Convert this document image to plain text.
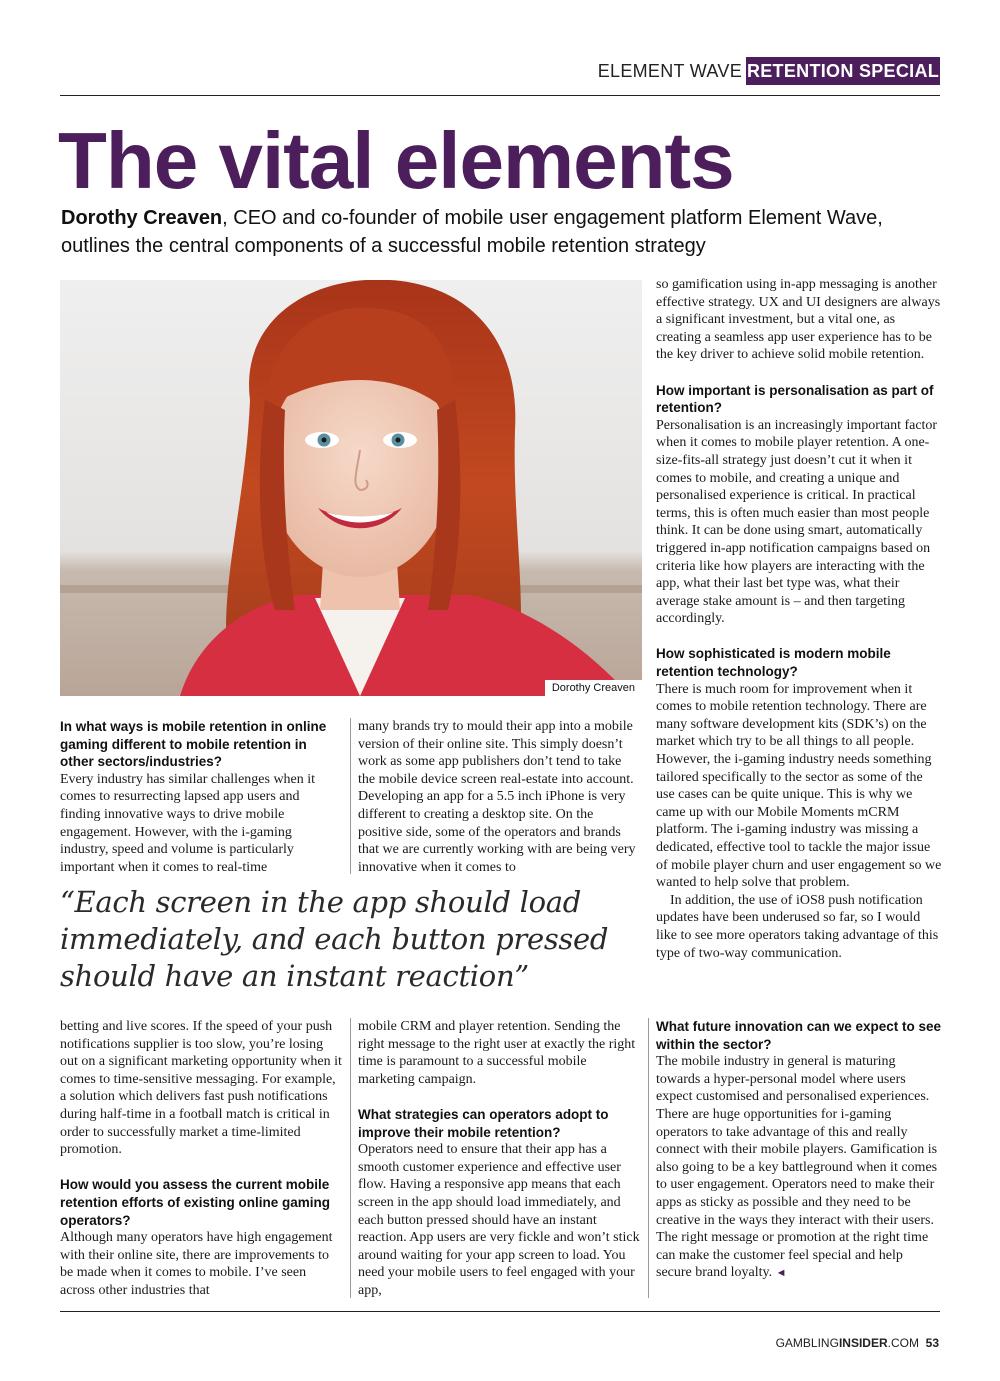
ELEMENT WAVE RETENTION SPECIAL
The vital elements

Dorothy Creaven, CEO and co-founder of mobile user engagement platform Element Wave, outlines the central components of a successful mobile retention strategy

Dorothy Creaven
In what ways is mobile retention in online gaming different to mobile retention in other sectors/industries?

Every industry has similar challenges when it comes to resurrecting lapsed app users and finding innovative ways to drive mobile engagement. However, with the i-gaming industry, speed and volume is particularly important when it comes to real-time

many brands try to mould their app into a mobile version of their online site. This simply doesn’t work as some app publishers don’t tend to take the mobile device screen real-estate into account. Developing an app for a 5.5 inch iPhone is very different to creating a desktop site. On the positive side, some of the operators and brands that we are currently working with are being very innovative when it comes to

“Each screen in the app should load immediately, and each button pressed should have an instant reaction”

betting and live scores. If the speed of your push notifications supplier is too slow, you’re losing out on a significant marketing opportunity when it comes to time-sensitive messaging. For example, a solution which delivers fast push notifications during half-time in a football match is critical in order to successfully market a time-limited promotion.

How would you assess the current mobile retention efforts of existing online gaming operators?

Although many operators have high engagement with their online site, there are improvements to be made when it comes to mobile. I’ve seen across other industries that

mobile CRM and player retention. Sending the right message to the right user at exactly the right time is paramount to a successful mobile marketing campaign.

What strategies can operators adopt to improve their mobile retention?

Operators need to ensure that their app has a smooth customer experience and effective user flow. Having a responsive app means that each screen in the app should load immediately, and each button pressed should have an instant reaction. App users are very fickle and won’t stick around waiting for your app screen to load. You need your mobile users to feel engaged with your app,

so gamification using in-app messaging is another effective strategy. UX and UI designers are always a significant investment, but a vital one, as creating a seamless app user experience has to be the key driver to achieve solid mobile retention.

How important is personalisation as part of retention?

Personalisation is an increasingly important factor when it comes to mobile player retention. A one-size-fits-all strategy just doesn’t cut it when it comes to mobile, and creating a unique and personalised experience is critical. In practical terms, this is often much easier than most people think. It can be done using smart, automatically triggered in-app notification campaigns based on criteria like how players are interacting with the app, what their last bet type was, what their average stake amount is – and then targeting accordingly.

How sophisticated is modern mobile retention technology?

There is much room for improvement when it comes to mobile retention technology. There are many software development kits (SDK’s) on the market which try to be all things to all people. However, the i-gaming industry needs something tailored specifically to the sector as some of the use cases can be quite unique. This is why we came up with our Mobile Moments mCRM platform. The i-gaming industry was missing a dedicated, effective tool to tackle the major issue of mobile player churn and user engagement so we wanted to help solve that problem.

In addition, the use of iOS8 push notification updates have been underused so far, so I would like to see more operators taking advantage of this type of two-way communication.

What future innovation can we expect to see within the sector?

The mobile industry in general is maturing towards a hyper-personal model where users expect customised and personalised experiences. There are huge opportunities for i-gaming operators to take advantage of this and really connect with their mobile players. Gamification is also going to be a key battleground when it comes to user engagement. Operators need to make their apps as sticky as possible and they need to be creative in the ways they interact with their users. The right message or promotion at the right time can make the customer feel special and help secure brand loyalty. ◄

GAMBLINGINSIDER.COM 53
